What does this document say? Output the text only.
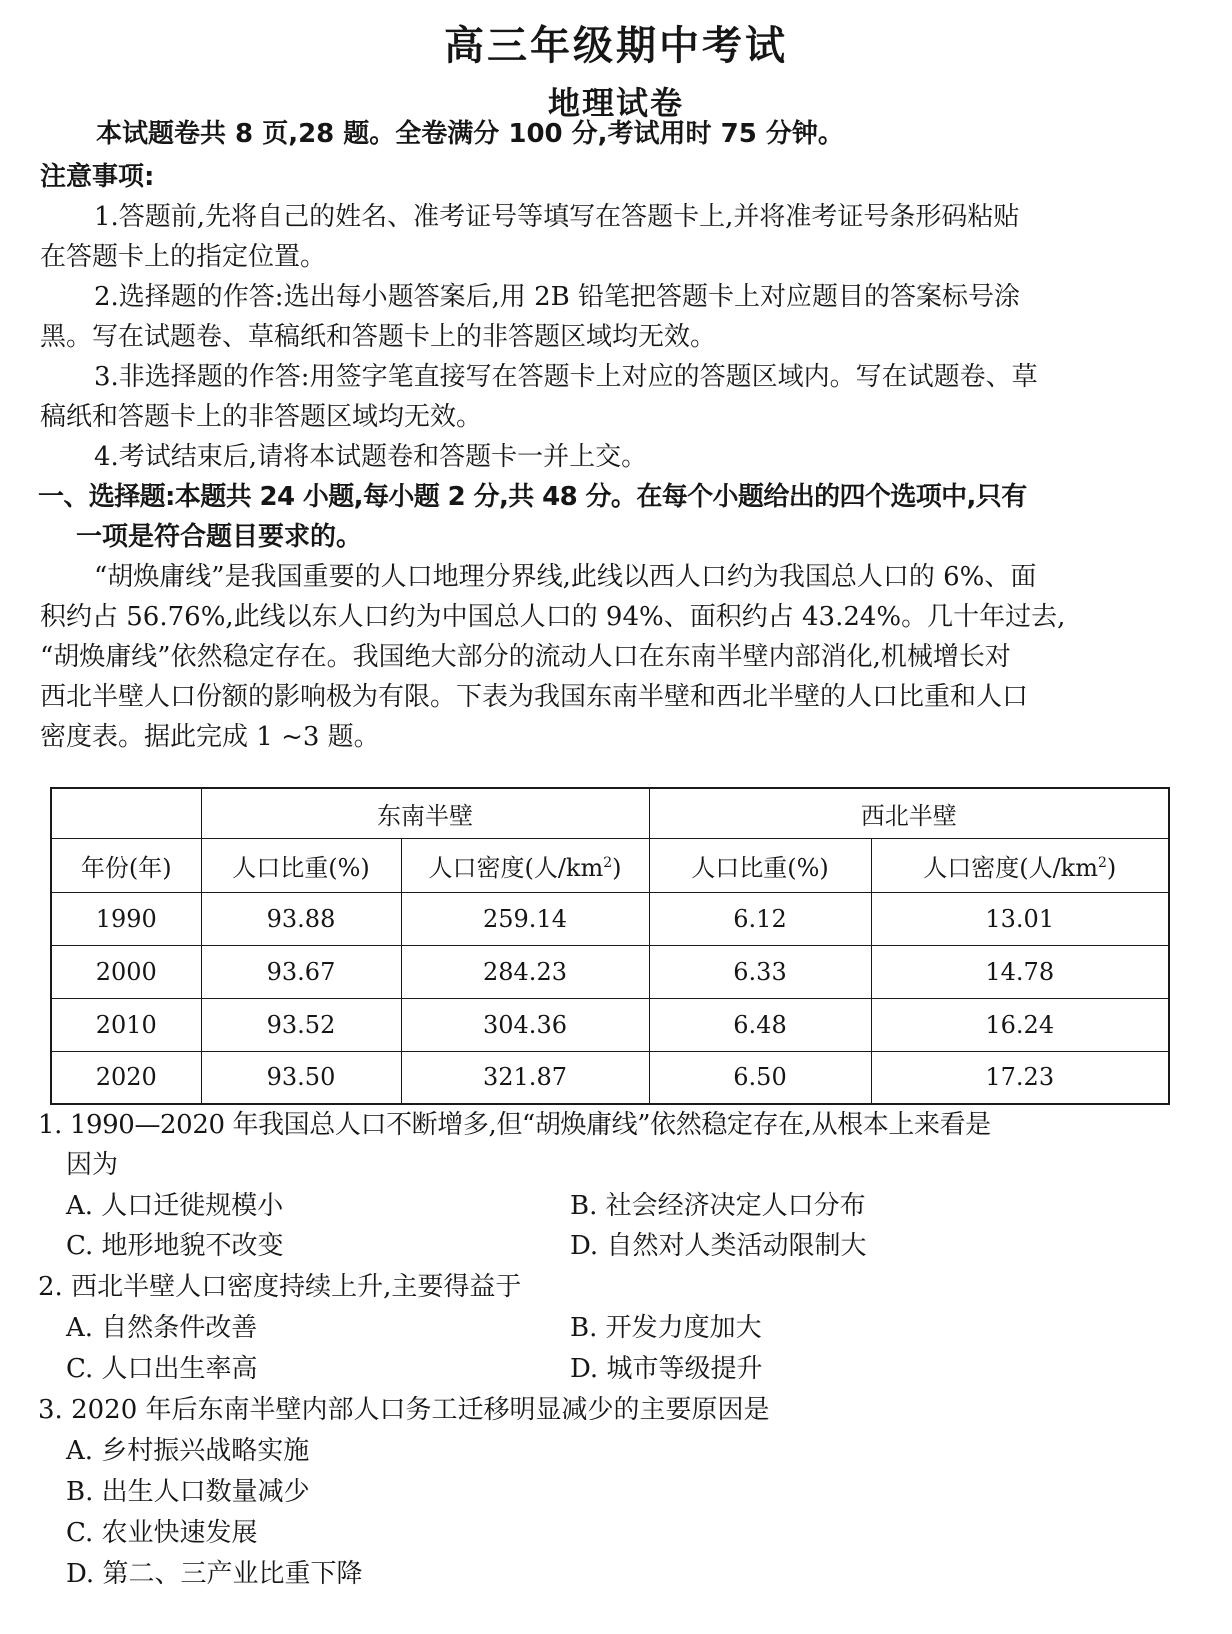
高三年级期中考试
地理试卷
本试题卷共 8 页,28 题。全卷满分 100 分,考试用时 75 分钟。
注意事项:
1.答题前,先将自己的姓名、准考证号等填写在答题卡上,并将准考证号条形码粘贴
在答题卡上的指定位置。
2.选择题的作答:选出每小题答案后,用 2B 铅笔把答题卡上对应题目的答案标号涂
黑。写在试题卷、草稿纸和答题卡上的非答题区域均无效。
3.非选择题的作答:用签字笔直接写在答题卡上对应的答题区域内。写在试题卷、草
稿纸和答题卡上的非答题区域均无效。
4.考试结束后,请将本试题卷和答题卡一并上交。
一、选择题:本题共 24 小题,每小题 2 分,共 48 分。在每个小题给出的四个选项中,只有
一项是符合题目要求的。
“胡焕庸线”是我国重要的人口地理分界线,此线以西人口约为我国总人口的 6%、面
积约占 56.76%,此线以东人口约为中国总人口的 94%、面积约占 43.24%。几十年过去,
“胡焕庸线”依然稳定存在。我国绝大部分的流动人口在东南半壁内部消化,机械增长对
西北半壁人口份额的影响极为有限。下表为我国东南半壁和西北半壁的人口比重和人口
密度表。据此完成 1 ~3 题。
	东南半壁		西北半壁	
年份(年)	人口比重(%)	人口密度(人$/km^2$)	人口比重(%)	人口密度(人$/km^2$)
1990	93.88	259.14	6.12	13.01
2000	93.67	284.23	6.33	14.78
2010	93.52	304.36	6.48	16.24
2020	93.50	321.87	6.50	17.23
1. 1990—2020 年我国总人口不断增多,但“胡焕庸线”依然稳定存在,从根本上来看是
因为
A. 人口迁徙规模小	B. 社会经济决定人口分布
C. 地形地貌不改变	D. 自然对人类活动限制大
2. 西北半壁人口密度持续上升,主要得益于
A. 自然条件改善	B. 开发力度加大
C. 人口出生率高	D. 城市等级提升
3. 2020 年后东南半壁内部人口务工迁移明显减少的主要原因是
A. 乡村振兴战略实施
B. 出生人口数量减少
C. 农业快速发展
D. 第二、三产业比重下降
